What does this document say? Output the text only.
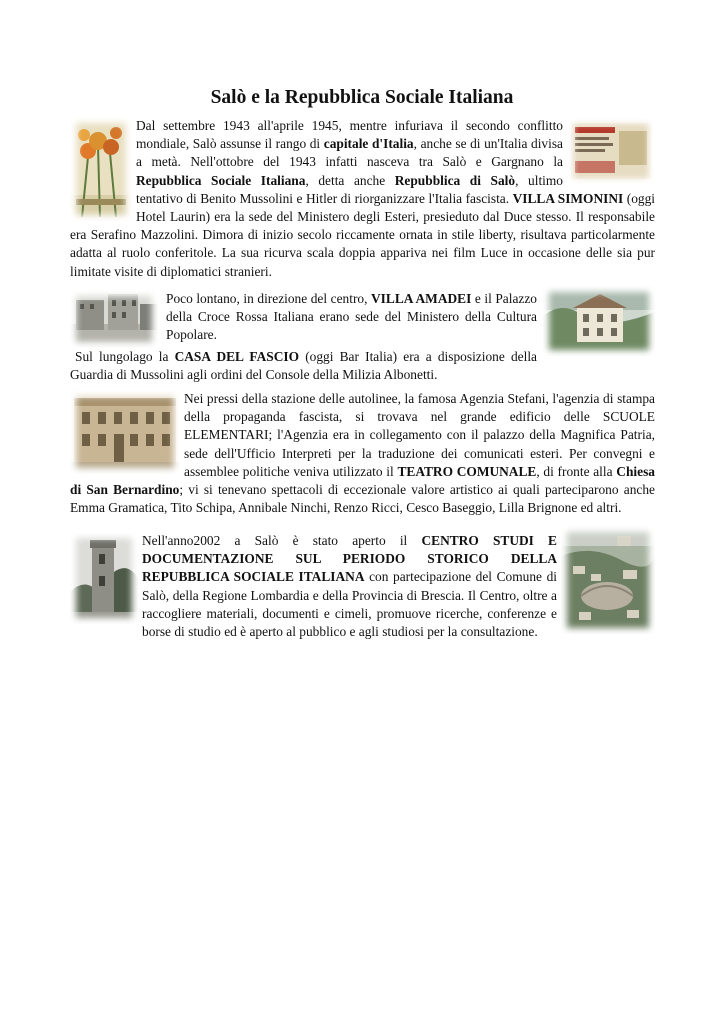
Salò e la Repubblica Sociale Italiana

Dal settembre 1943 all'aprile 1945, mentre infuriava il secondo conflitto mondiale, Salò assunse il rango di capitale d'Italia, anche se di un'Italia divisa a metà. Nell'ottobre del 1943 infatti nasceva tra Salò e Gargnano la Repubblica Sociale Italiana, detta anche Repubblica di Salò, ultimo tentativo di Benito Mussolini e Hitler di riorganizzare l'Italia fascista. VILLA SIMONINI (oggi Hotel Laurin) era la sede del Ministero degli Esteri, presieduto dal Duce stesso. Il responsabile era Serafino Mazzolini. Dimora di inizio secolo riccamente ornata in stile liberty, risultava particolarmente adatta al ruolo conferitole. La sua ricurva scala doppia appariva nei film Luce in occasione delle sia pur limitate visite di diplomatici stranieri.

Poco lontano, in direzione del centro, VILLA AMADEI e il Palazzo della Croce Rossa Italiana erano sede del Ministero della Cultura Popolare.
Sul lungolago la CASA DEL FASCIO (oggi Bar Italia) era a disposizione della Guardia di Mussolini agli ordini del Console della Milizia Albonetti.

Nei pressi della stazione delle autolinee, la famosa Agenzia Stefani, l'agenzia di stampa della propaganda fascista, si trovava nel grande edificio delle SCUOLE ELEMENTARI; l'Agenzia era in collegamento con il palazzo della Magnifica Patria, sede dell'Ufficio Interpreti per la traduzione dei comunicati esteri. Per convegni e assemblee politiche veniva utilizzato il TEATRO COMUNALE, di fronte alla Chiesa di San Bernardino; vi si tenevano spettacoli di eccezionale valore artistico ai quali parteciparono anche Emma Gramatica, Tito Schipa, Annibale Ninchi, Renzo Ricci, Cesco Baseggio, Lilla Brignone ed altri.

Nell'anno2002 a Salò è stato aperto il CENTRO STUDI E DOCUMENTAZIONE SUL PERIODO STORICO DELLA REPUBBLICA SOCIALE ITALIANA con partecipazione del Comune di Salò, della Regione Lombardia e della Provincia di Brescia. Il Centro, oltre a raccogliere materiali, documenti e cimeli, promuove ricerche, conferenze e borse di studio ed è aperto al pubblico e agli studiosi per la consultazione.
